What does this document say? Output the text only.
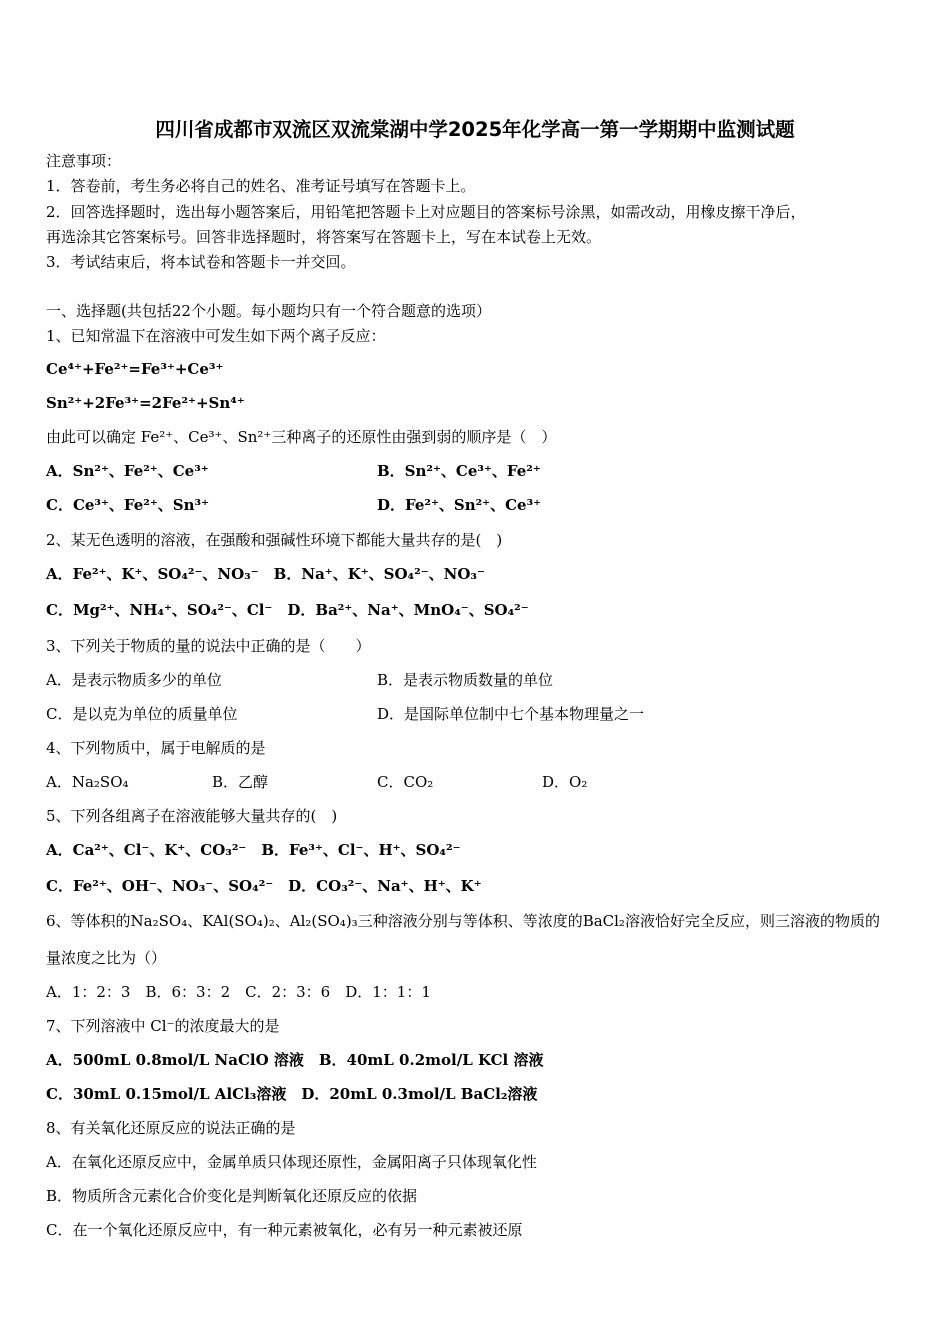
四川省成都市双流区双流棠湖中学2025年化学高一第一学期期中监测试题
注意事项：
1．答卷前，考生务必将自己的姓名、准考证号填写在答题卡上。
2．回答选择题时，选出每小题答案后，用铅笔把答题卡上对应题目的答案标号涂黑，如需改动，用橡皮擦干净后，
再选涂其它答案标号。回答非选择题时，将答案写在答题卡上，写在本试卷上无效。
3．考试结束后，将本试卷和答题卡一并交回。
一、选择题(共包括22个小题。每小题均只有一个符合题意的选项）
1、已知常温下在溶液中可发生如下两个离子反应：
Ce⁴⁺+Fe²⁺=Fe³⁺+Ce³⁺
Sn²⁺+2Fe³⁺=2Fe²⁺+Sn⁴⁺
由此可以确定 Fe²⁺、Ce³⁺、Sn²⁺三种离子的还原性由强到弱的顺序是（　）
A．Sn²⁺、Fe²⁺、Ce³⁺	B．Sn²⁺、Ce³⁺、Fe²⁺
C．Ce³⁺、Fe²⁺、Sn³⁺	D．Fe²⁺、Sn²⁺、Ce³⁺
2、某无色透明的溶液，在强酸和强碱性环境下都能大量共存的是(　)
A．Fe²⁺、K⁺、SO₄²⁻、NO₃⁻　B．Na⁺、K⁺、SO₄²⁻、NO₃⁻
C．Mg²⁺、NH₄⁺、SO₄²⁻、Cl⁻　D．Ba²⁺、Na⁺、MnO₄⁻、SO₄²⁻
3、下列关于物质的量的说法中正确的是（　　）
A．是表示物质多少的单位	B．是表示物质数量的单位
C．是以克为单位的质量单位	D．是国际单位制中七个基本物理量之一
4、下列物质中，属于电解质的是
A．Na₂SO₄	B．乙醇	C．CO₂	D．O₂
5、下列各组离子在溶液能够大量共存的(　)
A．Ca²⁺、Cl⁻、K⁺、CO₃²⁻　B．Fe³⁺、Cl⁻、H⁺、SO₄²⁻
C．Fe²⁺、OH⁻、NO₃⁻、SO₄²⁻　D．CO₃²⁻、Na⁺、H⁺、K⁺
6、等体积的Na₂SO₄、KAl(SO₄)₂、Al₂(SO₄)₃三种溶液分别与等体积、等浓度的BaCl₂溶液恰好完全反应，则三溶液的物质的
量浓度之比为（）
A．1：2：3　B．6：3：2　C．2：3：6　D．1：1：1
7、下列溶液中 Cl⁻的浓度最大的是
A．500mL 0.8mol/L NaClO 溶液　B．40mL 0.2mol/L KCl 溶液
C．30mL 0.15mol/L AlCl₃溶液　D．20mL 0.3mol/L BaCl₂溶液
8、有关氧化还原反应的说法正确的是
A．在氧化还原反应中，金属单质只体现还原性，金属阳离子只体现氧化性
B．物质所含元素化合价变化是判断氧化还原反应的依据
C．在一个氧化还原反应中，有一种元素被氧化，必有另一种元素被还原
